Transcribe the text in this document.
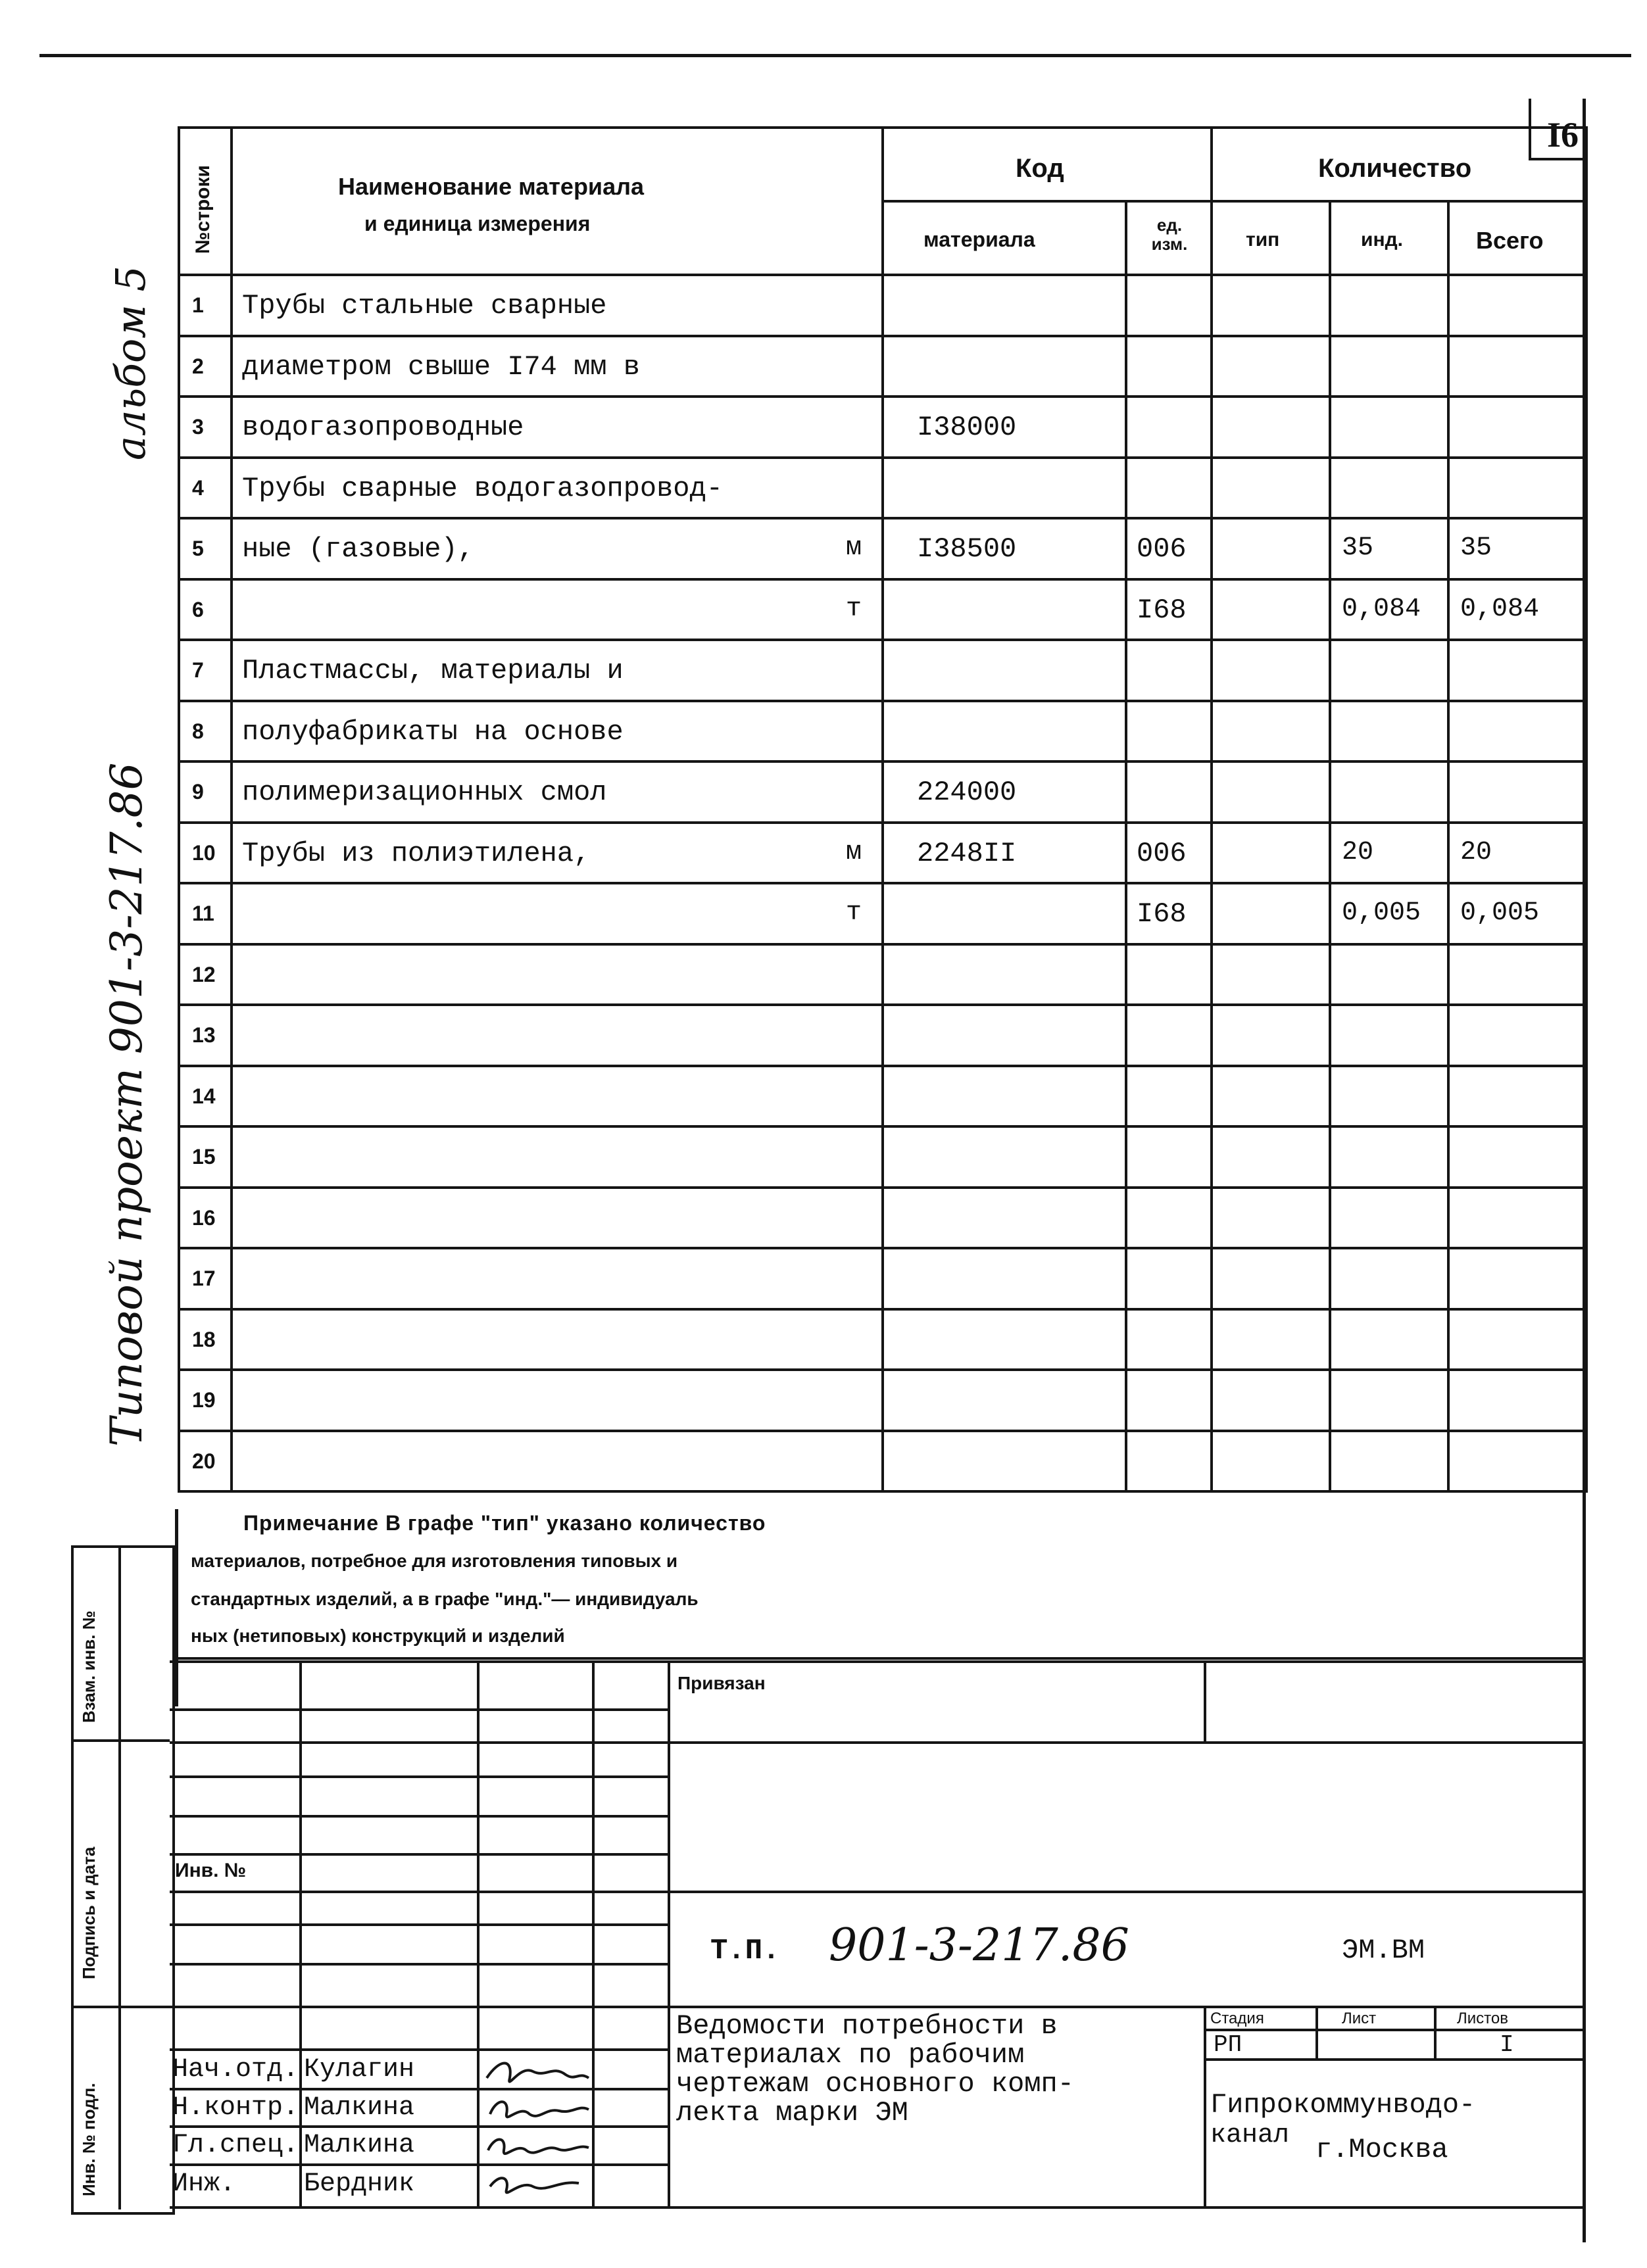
I6
альбом 5
Типовой проект 901-3-217.86
№строки	Наименование материала
и единица измерения	Код		Количество		

		материала	ед. изм.	тип	инд.	Всего

1	Трубы стальные сварные					

2	диаметром свыше I74 мм в					

3	водогазопроводные	I38000				

4	Трубы сварные водогазопровод-					

5	ные (газовые), м	I38500	006		35	35

6	т		I68		0,084	0,084

7	Пластмассы, материалы и					

8	полуфабрикаты на основе					

9	полимеризационных смол	224000				

10	Трубы из полиэтилена, м	2248II	006		20	20

11	т		I68		0,005	0,005

12						

13						

14						

15						

16						

17						

18						

19						

20						

Примечание В графе "тип" указано количество
материалов, потребное для изготовления типовых и
стандартных изделий, а в графе "инд."— индивидуаль
ных (нетиповых) конструкций и изделий
Взам. инв. №
Подпись и дата
Инв. № подл.
Привязан
Инв. №
Т.П. 901-3-217.86	ЭМ.ВМ
Ведомости потребности в
материалах по рабочим
чертежам основного комп-
лекта марки ЭМ
Стадия	Лист	Листов
РП	I
Гипрокоммунводо-
канал г.Москва
Нач.отд. Кулагин
Н.контр. Малкина
Гл.спец. Малкина
Инж.	Бердник
